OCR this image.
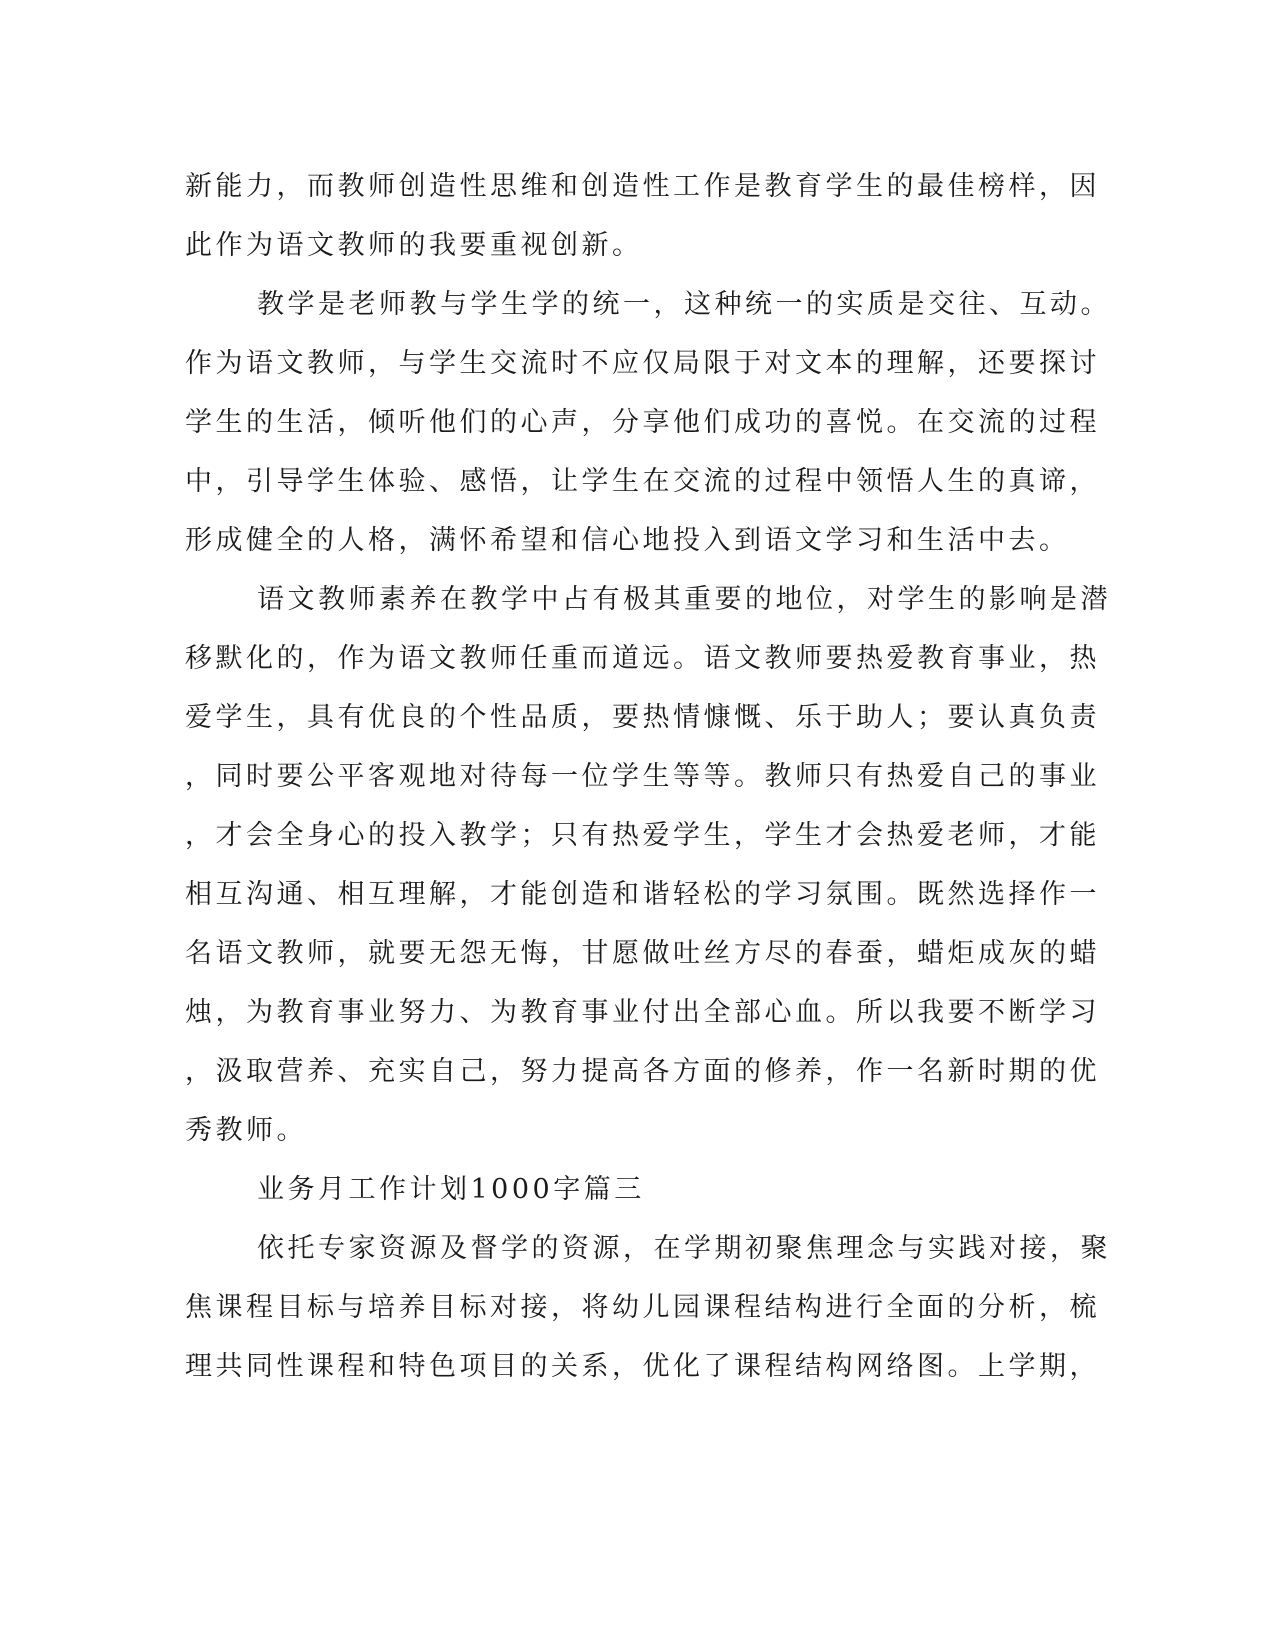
新能力，而教师创造性思维和创造性工作是教育学生的最佳榜样，因
此作为语文教师的我要重视创新。
教学是老师教与学生学的统一，这种统一的实质是交往、互动。
作为语文教师，与学生交流时不应仅局限于对文本的理解，还要探讨
学生的生活，倾听他们的心声，分享他们成功的喜悦。在交流的过程
中，引导学生体验、感悟，让学生在交流的过程中领悟人生的真谛，
形成健全的人格，满怀希望和信心地投入到语文学习和生活中去。
语文教师素养在教学中占有极其重要的地位，对学生的影响是潜
移默化的，作为语文教师任重而道远。语文教师要热爱教育事业，热
爱学生，具有优良的个性品质，要热情慷慨、乐于助人；要认真负责
，同时要公平客观地对待每一位学生等等。教师只有热爱自己的事业
，才会全身心的投入教学；只有热爱学生，学生才会热爱老师，才能
相互沟通、相互理解，才能创造和谐轻松的学习氛围。既然选择作一
名语文教师，就要无怨无悔，甘愿做吐丝方尽的春蚕，蜡炬成灰的蜡
烛，为教育事业努力、为教育事业付出全部心血。所以我要不断学习
，汲取营养、充实自己，努力提高各方面的修养，作一名新时期的优
秀教师。
业务月工作计划1000字篇三
依托专家资源及督学的资源，在学期初聚焦理念与实践对接，聚
焦课程目标与培养目标对接，将幼儿园课程结构进行全面的分析，梳
理共同性课程和特色项目的关系，优化了课程结构网络图。上学期，
